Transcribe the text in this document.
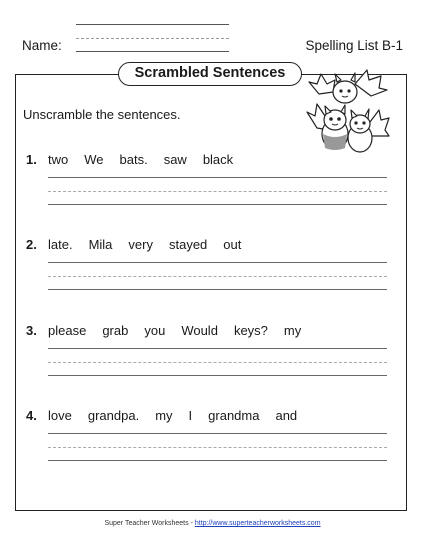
Name:	Spelling List B-1
Scrambled Sentences
Unscramble the sentences.
1. two We bats. saw black
2. late. Mila very stayed out
3. please grab you Would keys? my
4. love grandpa. my I grandma and
Super Teacher Worksheets - http://www.superteacherworksheets.com
